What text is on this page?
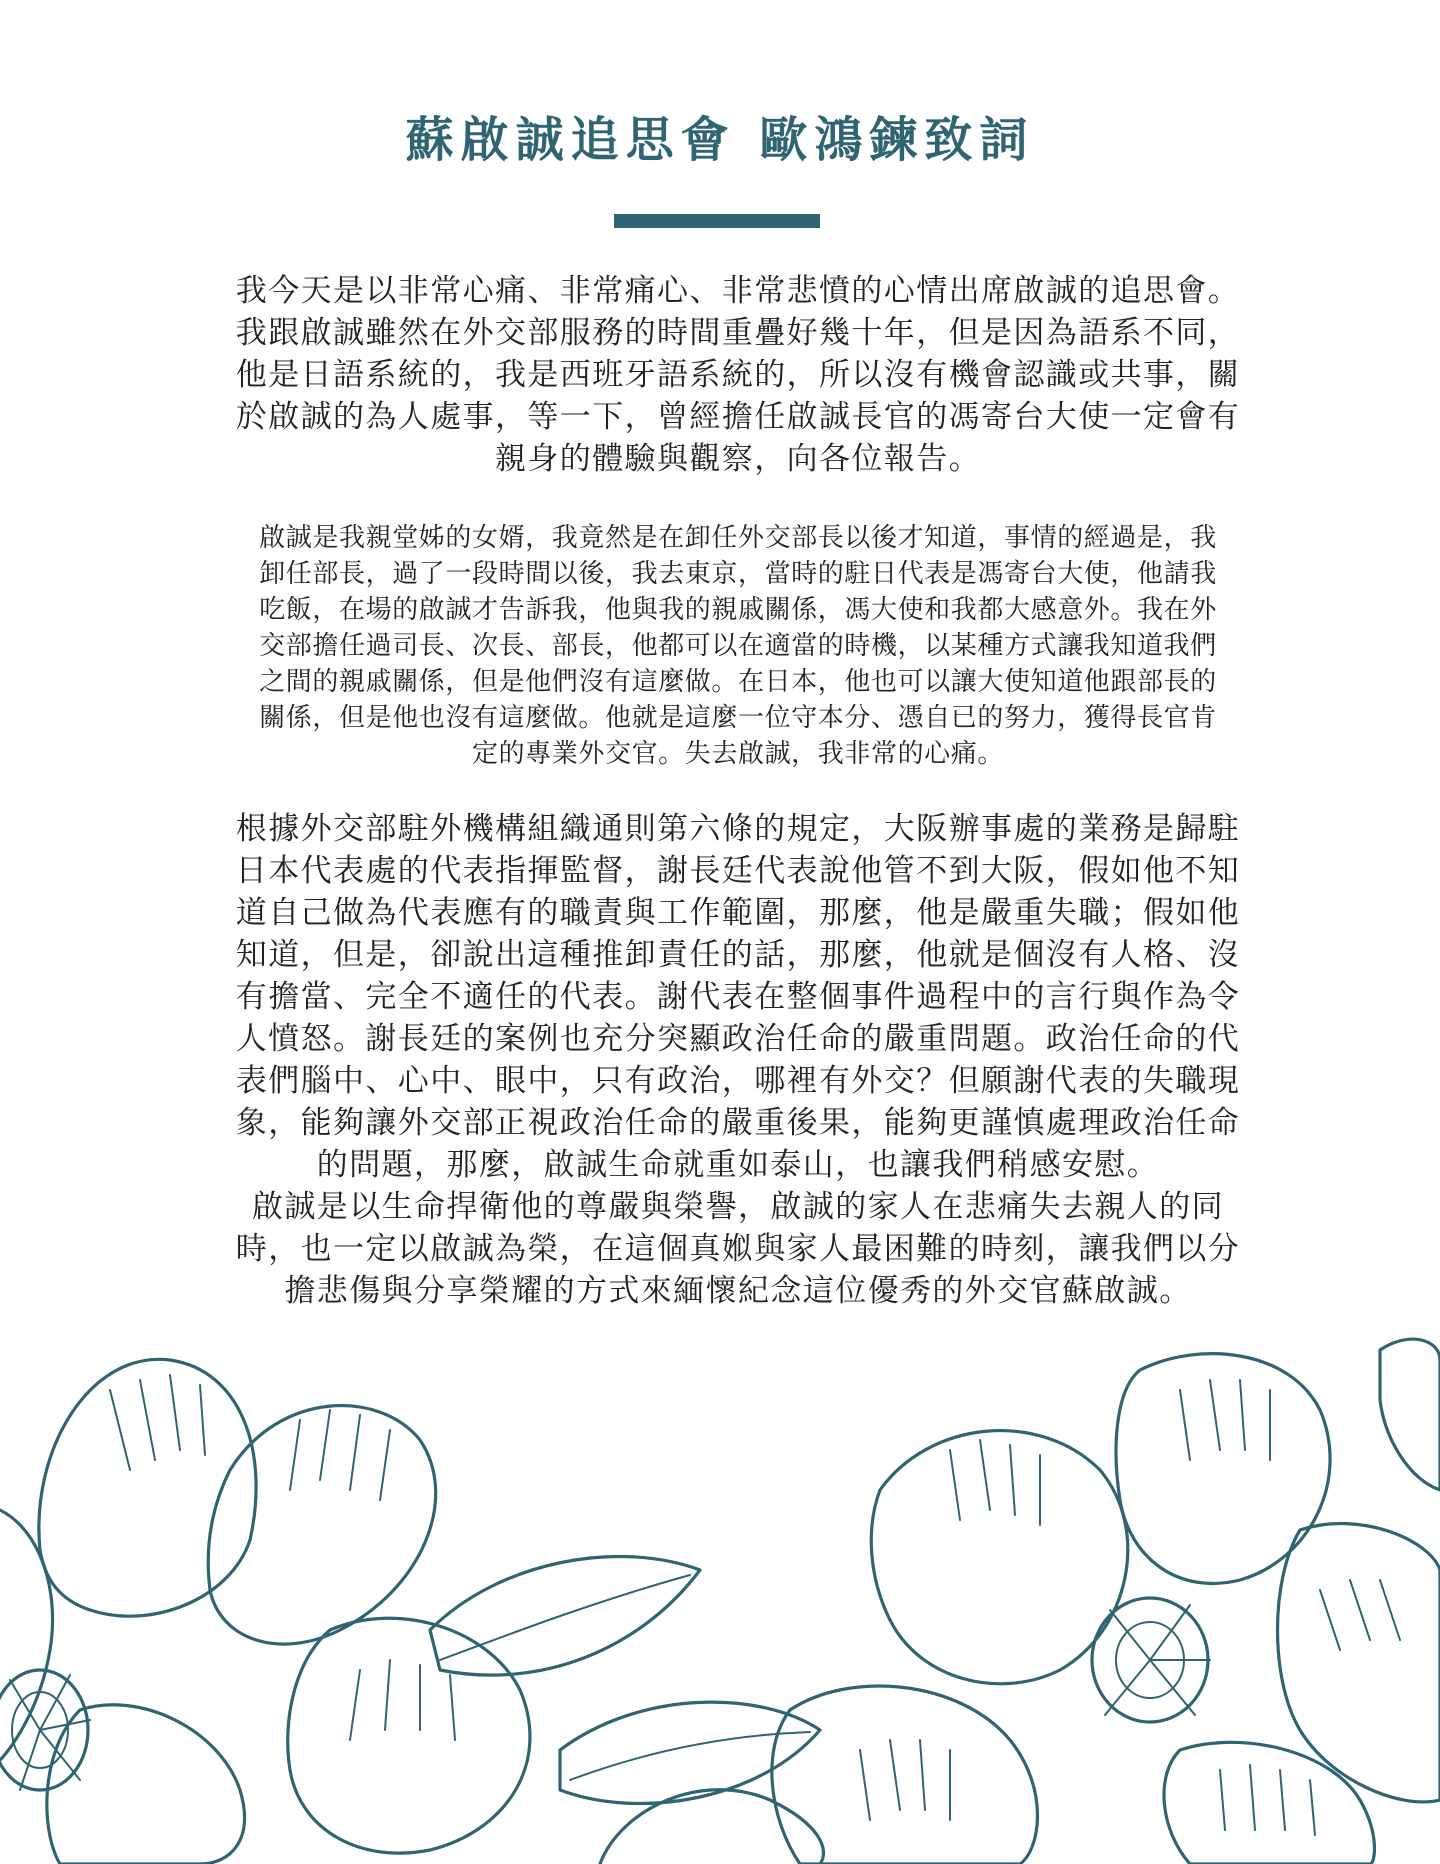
蘇啟誠追思會 歐鴻鍊致詞

我今天是以非常心痛、非常痛心、非常悲憤的心情出席啟誠的追思會。
我跟啟誠雖然在外交部服務的時間重疊好幾十年，但是因為語系不同，
他是日語系統的，我是西班牙語系統的，所以沒有機會認識或共事，關
於啟誠的為人處事，等一下，曾經擔任啟誠長官的馮寄台大使一定會有
親身的體驗與觀察，向各位報告。

啟誠是我親堂姊的女婿，我竟然是在卸任外交部長以後才知道，事情的經過是，我
卸任部長，過了一段時間以後，我去東京，當時的駐日代表是馮寄台大使，他請我
吃飯，在場的啟誠才告訴我，他與我的親戚關係，馮大使和我都大感意外。我在外
交部擔任過司長、次長、部長，他都可以在適當的時機，以某種方式讓我知道我們
之間的親戚關係，但是他們沒有這麼做。在日本，他也可以讓大使知道他跟部長的
關係，但是他也沒有這麼做。他就是這麼一位守本分、憑自已的努力，獲得長官肯
定的專業外交官。失去啟誠，我非常的心痛。

根據外交部駐外機構組織通則第六條的規定，大阪辦事處的業務是歸駐
日本代表處的代表指揮監督，謝長廷代表說他管不到大阪，假如他不知
道自己做為代表應有的職責與工作範圍，那麼，他是嚴重失職；假如他
知道，但是，卻說出這種推卸責任的話，那麼，他就是個沒有人格、沒
有擔當、完全不適任的代表。謝代表在整個事件過程中的言行與作為令
人憤怒。謝長廷的案例也充分突顯政治任命的嚴重問題。政治任命的代
表們腦中、心中、眼中，只有政治，哪裡有外交？但願謝代表的失職現
象，能夠讓外交部正視政治任命的嚴重後果，能夠更謹慎處理政治任命
的問題，那麼，啟誠生命就重如泰山，也讓我們稍感安慰。
啟誠是以生命捍衛他的尊嚴與榮譽，啟誠的家人在悲痛失去親人的同
時，也一定以啟誠為榮，在這個真娰與家人最困難的時刻，讓我們以分
擔悲傷與分享榮耀的方式來緬懷紀念這位優秀的外交官蘇啟誠。
